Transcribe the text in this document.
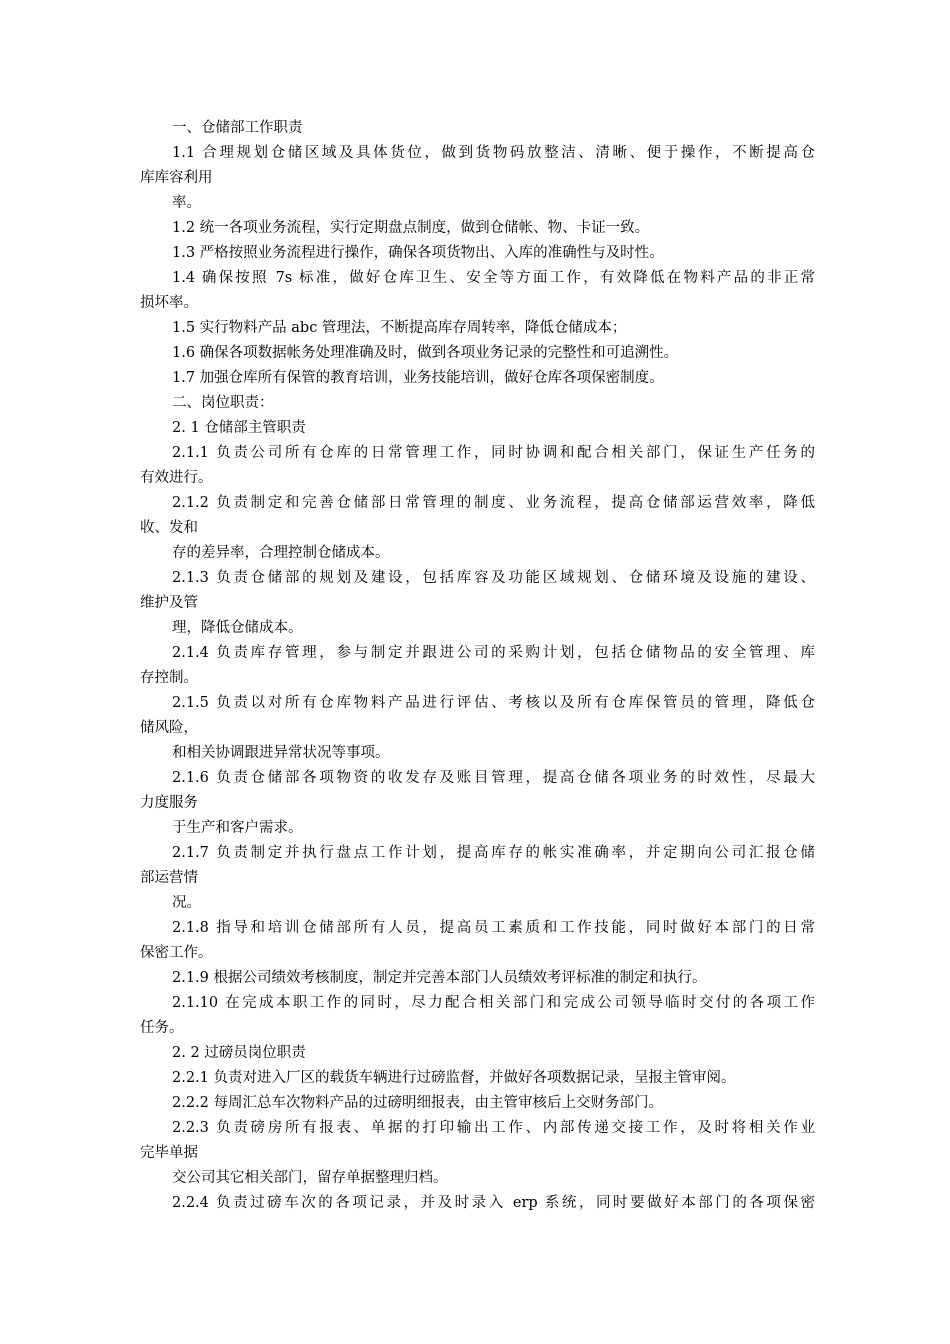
一、仓储部工作职责
1.1 合理规划仓储区域及具体货位，做到货物码放整洁、清晰、便于操作，不断提高仓
库库容利用
率。
1.2 统一各项业务流程，实行定期盘点制度，做到仓储帐、物、卡证一致。
1.3 严格按照业务流程进行操作，确保各项货物出、入库的准确性与及时性。
1.4 确保按照 7s 标准，做好仓库卫生、安全等方面工作，有效降低在物料产品的非正常
损坏率。
1.5 实行物料产品 abc 管理法，不断提高库存周转率，降低仓储成本；
1.6 确保各项数据帐务处理准确及时，做到各项业务记录的完整性和可追溯性。
1.7 加强仓库所有保管的教育培训，业务技能培训，做好仓库各项保密制度。
二、岗位职责：
2. 1 仓储部主管职责
2.1.1 负责公司所有仓库的日常管理工作，同时协调和配合相关部门，保证生产任务的
有效进行。
2.1.2 负责制定和完善仓储部日常管理的制度、业务流程，提高仓储部运营效率，降低
收、发和
存的差异率，合理控制仓储成本。
2.1.3 负责仓储部的规划及建设，包括库容及功能区域规划、仓储环境及设施的建设、
维护及管
理，降低仓储成本。
2.1.4 负责库存管理，参与制定并跟进公司的采购计划，包括仓储物品的安全管理、库
存控制。
2.1.5 负责以对所有仓库物料产品进行评估、考核以及所有仓库保管员的管理，降低仓
储风险，
和相关协调跟进异常状况等事项。
2.1.6 负责仓储部各项物资的收发存及账目管理，提高仓储各项业务的时效性，尽最大
力度服务
于生产和客户需求。
2.1.7 负责制定并执行盘点工作计划，提高库存的帐实准确率，并定期向公司汇报仓储
部运营情
况。
2.1.8 指导和培训仓储部所有人员，提高员工素质和工作技能，同时做好本部门的日常
保密工作。
2.1.9 根据公司绩效考核制度，制定并完善本部门人员绩效考评标准的制定和执行。
2.1.10 在完成本职工作的同时，尽力配合相关部门和完成公司领导临时交付的各项工作
任务。
2. 2 过磅员岗位职责
2.2.1 负责对进入厂区的载货车辆进行过磅监督，并做好各项数据记录，呈报主管审阅。
2.2.2 每周汇总车次物料产品的过磅明细报表，由主管审核后上交财务部门。
2.2.3 负责磅房所有报表、单据的打印输出工作、内部传递交接工作，及时将相关作业
完毕单据
交公司其它相关部门，留存单据整理归档。
2.2.4 负责过磅车次的各项记录，并及时录入 erp 系统，同时要做好本部门的各项保密
